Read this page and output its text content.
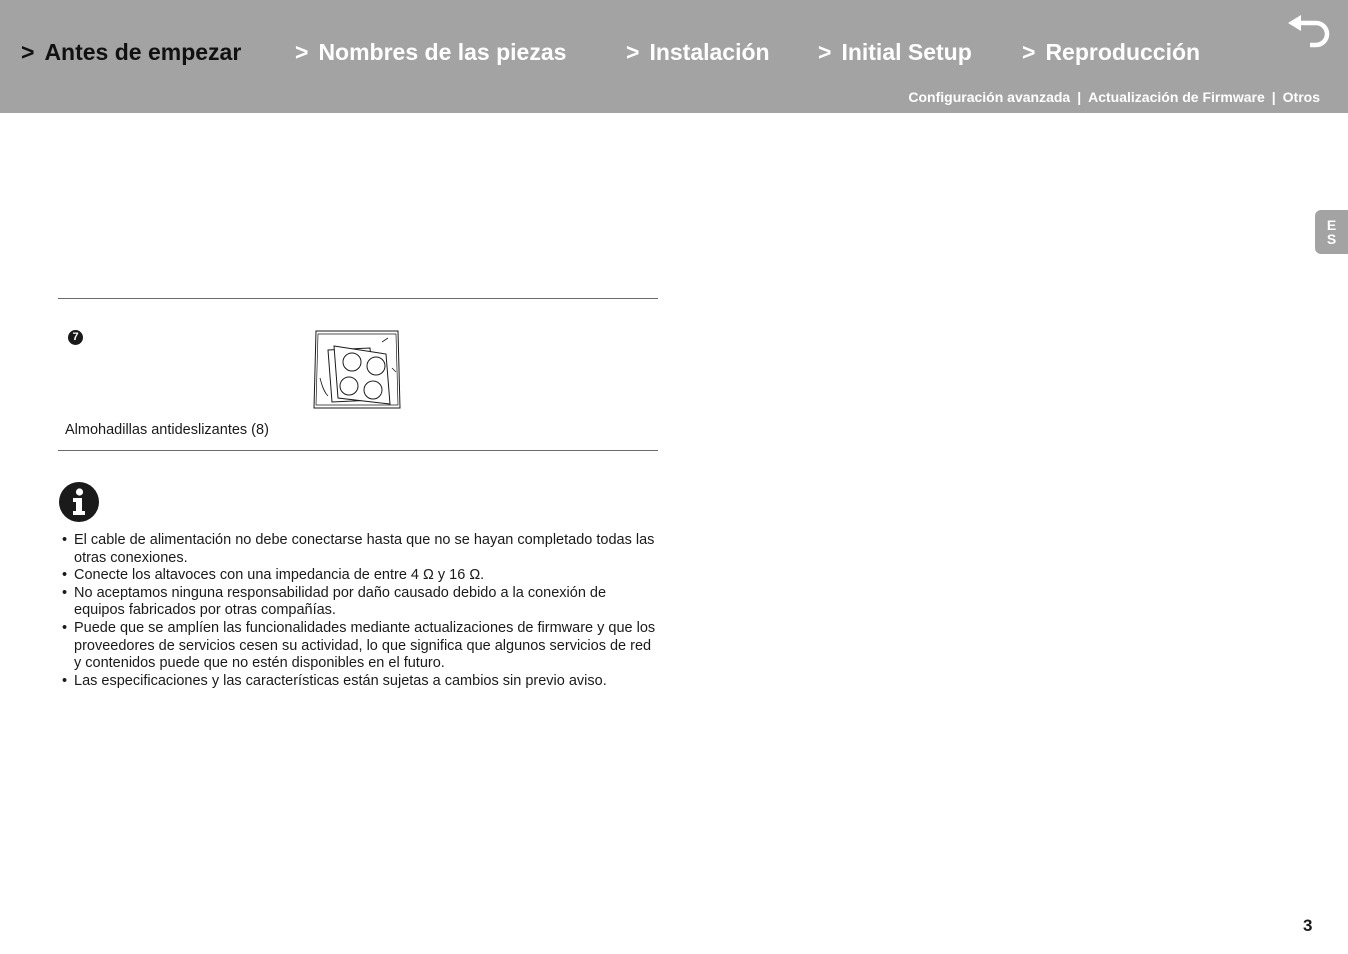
> Antes de empezar > Nombres de las piezas	> Instalación > Initial Setup > Reproducción
Configuración avanzada | Actualización de Firmware | Otros
E
S
7
Almohadillas antideslizantes (8)
• El cable de alimentación no debe conectarse hasta que no se hayan completado todas las otras conexiones.
• Conecte los altavoces con una impedancia de entre 4 Ω y 16 Ω.
• No aceptamos ninguna responsabilidad por daño causado debido a la conexión de equipos fabricados por otras compañías.
• Puede que se amplíen las funcionalidades mediante actualizaciones de firmware y que los proveedores de servicios cesen su actividad, lo que significa que algunos servicios de red y contenidos puede que no estén disponibles en el futuro.
• Las especificaciones y las características están sujetas a cambios sin previo aviso.
3
